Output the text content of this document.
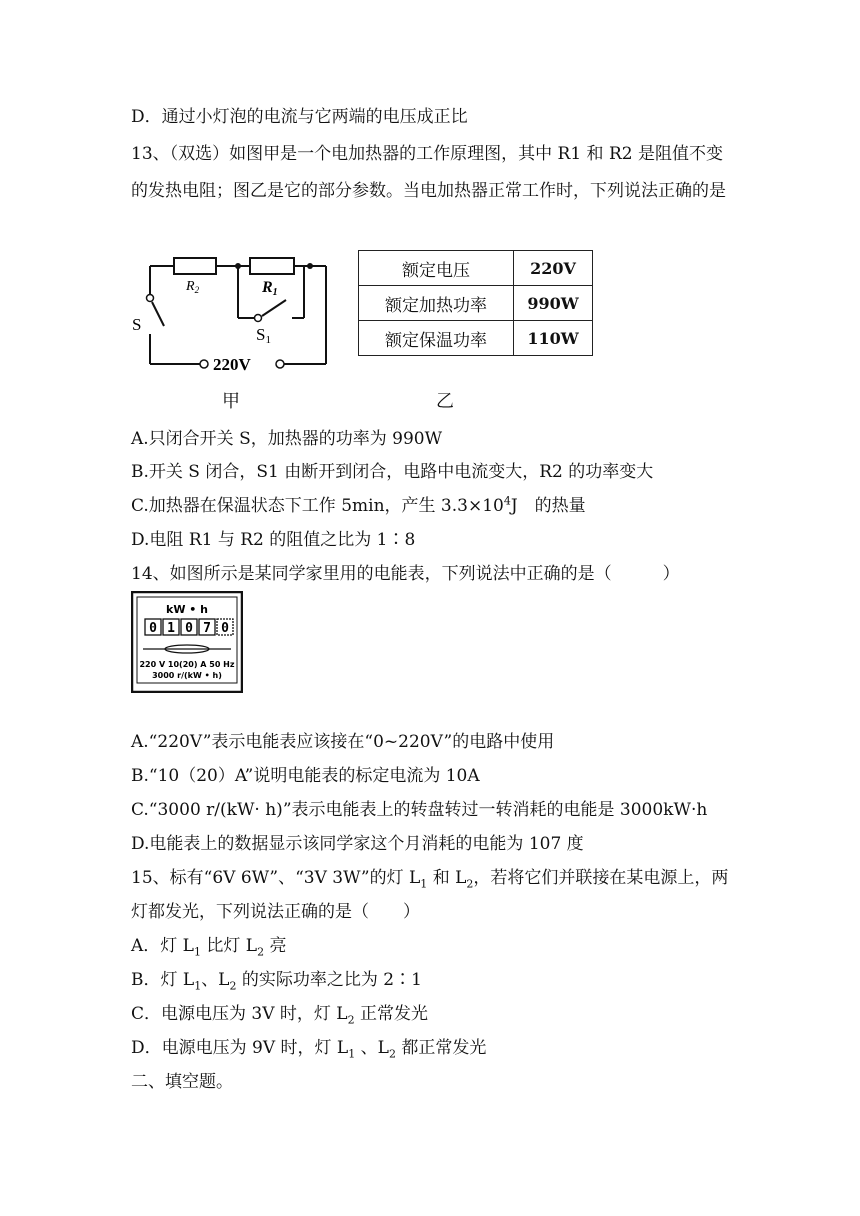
D．通过小灯泡的电流与它两端的电压成正比
13、（双选）如图甲是一个电加热器的工作原理图，其中 R1 和 R2 是阻值不变
的发热电阻；图乙是它的部分参数。当电加热器正常工作时，下列说法正确的是
$R_2$	R1
S
S1
220V
额定电压	220V
额定加热功率	990W
额定保温功率	110W
甲	乙
A.只闭合开关 S，加热器的功率为 990W
B.开关 S 闭合，S1 由断开到闭合，电路中电流变大，R2 的功率变大
C.加热器在保温状态下工作 5min，产生 $3.3\times 10^4J$　的热量
D.电阻 R1 与 R2 的阻值之比为 1∶8
14、如图所示是某同学家里用的电能表，下列说法中正确的是（　　　）
kW • h
0 1 0 7 0
220 V 10(20) A 50 Hz
3000 r/(kW • h)
A.“220V”表示电能表应该接在“0~220V”的电路中使用
B.“10（20）A”说明电能表的标定电流为 10A
C.“3000 r/(kW· h)”表示电能表上的转盘转过一转消耗的电能是 3000kW·h
D.电能表上的数据显示该同学家这个月消耗的电能为 107 度
15、标有“6V 6W”、“3V 3W”的灯 $L_1$ 和 $L_2$，若将它们并联接在某电源上，两
灯都发光，下列说法正确的是（　　）
A．灯 $L_1$ 比灯 $L_2$ 亮
B．灯 $L_1$、$L_2$ 的实际功率之比为 2∶1
C．电源电压为 3V 时，灯 $L_2$ 正常发光
D．电源电压为 9V 时，灯 $L_1$ 、$L_2$ 都正常发光
二、填空题。
